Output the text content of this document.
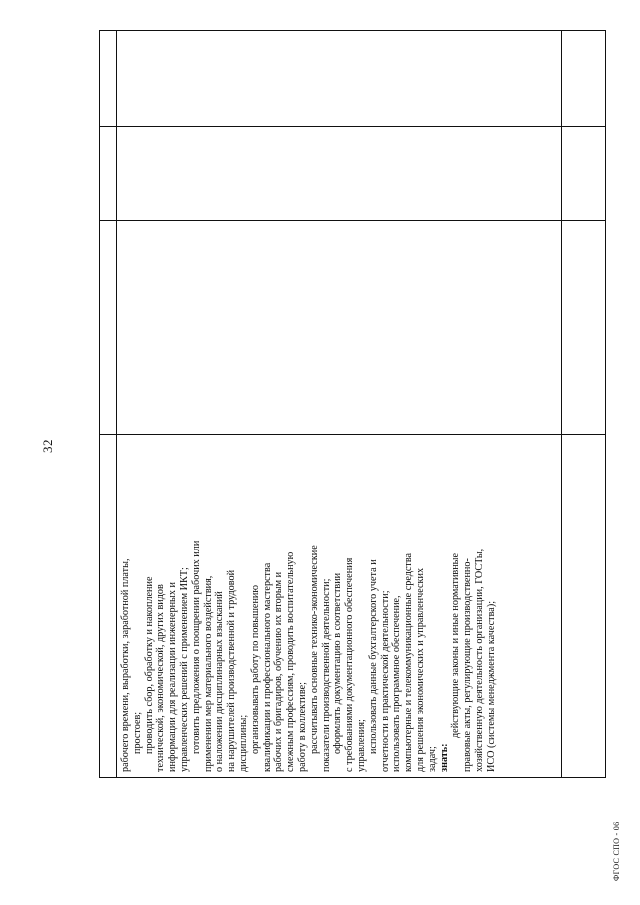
32
ФГОС СПО - 06
рабочего времени, выработки, заработной платы, простоев; проводить сбор, обработку и накопление технической, экономической, других видов информации для реализации инженерных и управленческих решений с применением ИКТ; готовить предложения о поощрении рабочих или применении мер материального воздействия, о наложении дисциплинарных взысканий на нарушителей производственной и трудовой дисциплины; организовывать работу по повышению квалификации и профессионального мастерства рабочих и бригадиров, обучению их вторым и смежным профессиям, проводить воспитательную работу в коллективе; рассчитывать основные технико-экономические показатели производственной деятельности; оформлять документацию в соответствии с требованиями документационного обеспечения управления; использовать данные бухгалтерского учета и отчетности в практической деятельности; использовать программное обеспечение, компьютерные и телекоммуникационные средства для решения экономических и управленческих задач; знать:
действующие законы и иные нормативные правовые акты, регулирующие производственно- хозяйственную деятельность организации, ГОСТы, ИСО (системы менеджмента качества);
